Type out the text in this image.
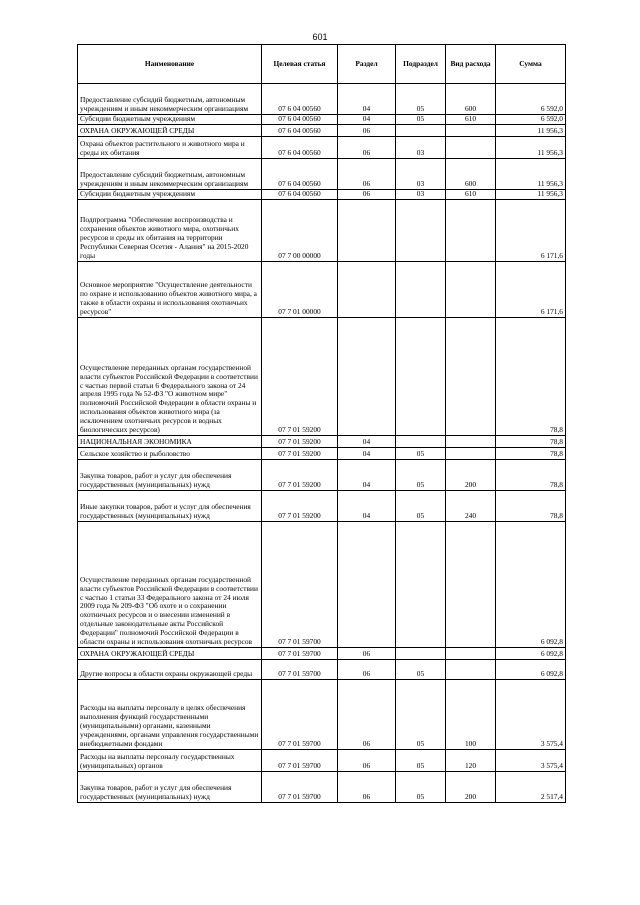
601
Наименование	Целевая статья	Раздел	Подраздел	Вид расхода	Сумма
Предоставление субсидий бюджетным, автономным учреждениям и иным некоммерческим организациям	07 6 04 00560	04	05	600	6 592,0
Субсидии бюджетным учреждениям	07 6 04 00560	04	05	610	6 592,0
ОХРАНА ОКРУЖАЮЩЕЙ СРЕДЫ	07 6 04 00560	06			11 956,3
Охрана объектов растительного и животного мира и среды их обитания	07 6 04 00560	06	03		11 956,3
Предоставление субсидий бюджетным, автономным учреждениям и иным некоммерческим организациям	07 6 04 00560	06	03	600	11 956,3
Субсидии бюджетным учреждениям	07 6 04 00560	06	03	610	11 956,3
Подпрограмма "Обеспечение воспроизводства и сохранения объектов животного мира, охотничьих ресурсов и среды их обитания на территории Республики Северная Осетия - Алания" на 2015-2020 годы	07 7 00 00000				6 171,6
Основное мероприятие "Осуществление деятельности по охране и использованию объектов животного мира, а также в области охраны и использования охотничьих ресурсов"	07 7 01 00000				6 171,6
Осуществление переданных органам государственной власти субъектов Российской Федерации в соответствии с частью первой статьи 6 Федерального закона от 24 апреля 1995 года № 52-ФЗ "О животном мире" полномочий Российской Федерации в области охраны и использования объектов животного мира (за исключением охотничьих ресурсов и водных биологических ресурсов)	07 7 01 59200				78,8
НАЦИОНАЛЬНАЯ ЭКОНОМИКА	07 7 01 59200	04			78,8
Сельское хозяйство и рыболовство	07 7 01 59200	04	05		78,8
Закупка товаров, работ и услуг для обеспечения государственных (муниципальных) нужд	07 7 01 59200	04	05	200	78,8
Иные закупки товаров, работ и услуг для обеспечения государственных (муниципальных) нужд	07 7 01 59200	04	05	240	78,8
Осуществление переданных органам государственной власти субъектов Российской Федерации в соответствии с частью 1 статьи 33 Федерального закона от 24 июля 2009 года № 209-ФЗ "Об охоте и о сохранении охотничьих ресурсов и о внесении изменений в отдельные законодательные акты Российской Федерации" полномочий Российской Федерации в области охраны и использования охотничьих ресурсов	07 7 01 59700				6 092,8
ОХРАНА ОКРУЖАЮЩЕЙ СРЕДЫ	07 7 01 59700	06			6 092,8
Другие вопросы в области охраны окружающей среды	07 7 01 59700	06	05		6 092,8
Расходы на выплаты персоналу в целях обеспечения выполнения функций государственными (муниципальными) органами, казенными учреждениями, органами управления государственными внебюджетными фондами	07 7 01 59700	06	05	100	3 575,4
Расходы на выплаты персоналу государственных (муниципальных) органов	07 7 01 59700	06	05	120	3 575,4
Закупка товаров, работ и услуг для обеспечения государственных (муниципальных) нужд	07 7 01 59700	06	05	200	2 517,4
